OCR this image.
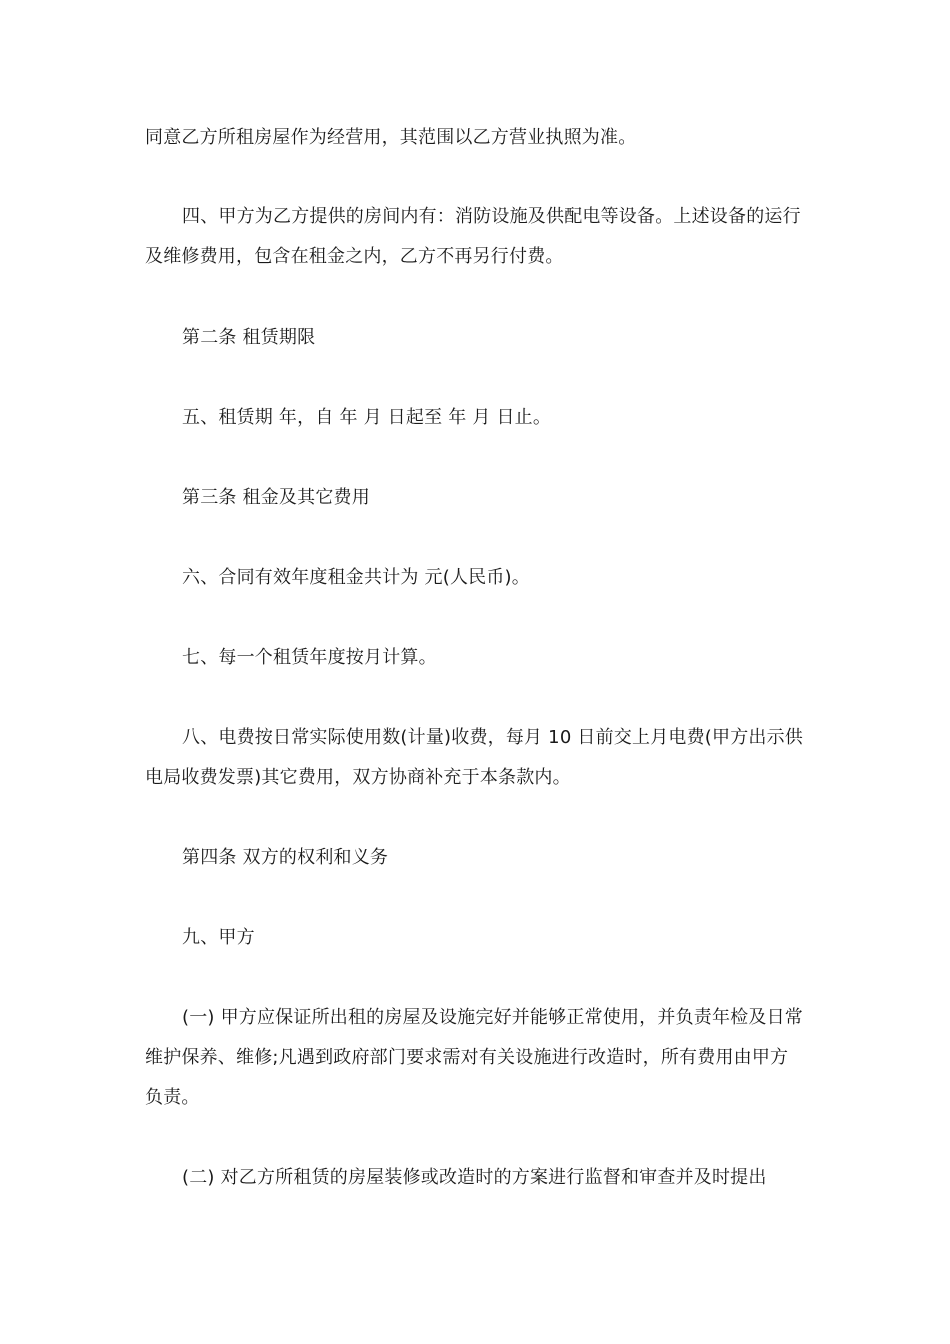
同意乙方所租房屋作为经营用，其范围以乙方营业执照为准。

四、甲方为乙方提供的房间内有：消防设施及供配电等设备。上述设备的运行及维修费用，包含在租金之内，乙方不再另行付费。

第二条 租赁期限

五、租赁期 年，自 年 月 日起至 年 月 日止。

第三条 租金及其它费用

六、合同有效年度租金共计为 元(人民币)。

七、每一个租赁年度按月计算。

八、电费按日常实际使用数(计量)收费，每月 10 日前交上月电费(甲方出示供电局收费发票)其它费用，双方协商补充于本条款内。

第四条 双方的权利和义务

九、甲方

(一) 甲方应保证所出租的房屋及设施完好并能够正常使用，并负责年检及日常维护保养、维修;凡遇到政府部门要求需对有关设施进行改造时，所有费用由甲方负责。

(二) 对乙方所租赁的房屋装修或改造时的方案进行监督和审查并及时提出
